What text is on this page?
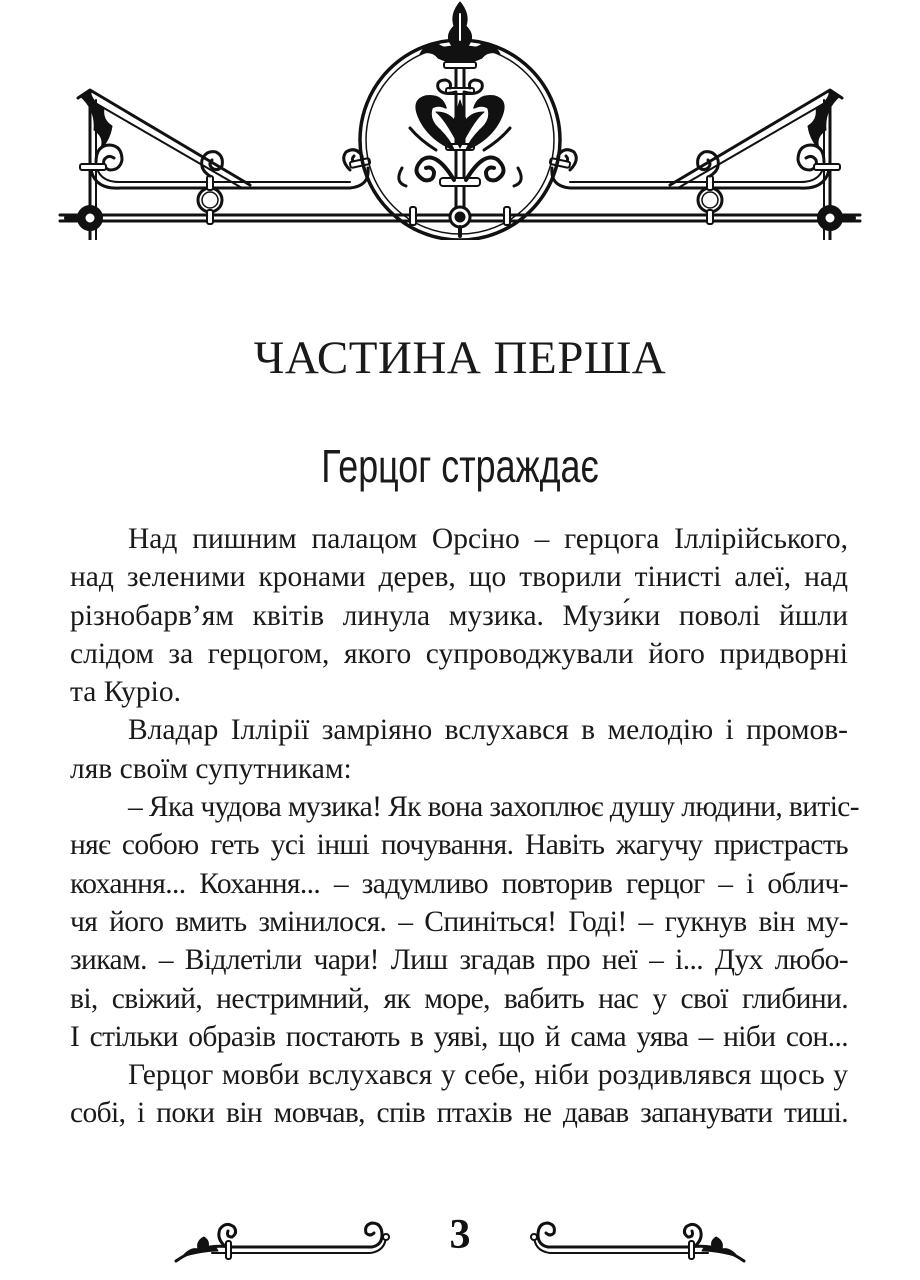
ЧАСТИНА ПЕРША
Герцог страждає
Над пишним палацом Орсіно – герцога Іллірійського,
над зеленими кронами дерев, що творили тінисті алеї, над
різнобарв’ям квітів линула музика. Музи́ки поволі йшли
слідом за герцогом, якого супроводжували його придворні
та Куріо.
Владар Іллірії замріяно вслухався в мелодію і промов-
ляв своїм супутникам:
– Яка чудова музика! Як вона захоплює душу людини, витіс-
няє собою геть усі інші почування. Навіть жагучу пристрасть
кохання... Кохання... – задумливо повторив герцог – і облич-
чя його вмить змінилося. – Спиніться! Годі! – гукнув він му-
зикам. – Відлетіли чари! Лиш згадав про неї – і... Дух любо-
ві, свіжий, нестримний, як море, вабить нас у свої глибини.
І стільки образів постають в уяві, що й сама уява – ніби сон...
Герцог мовби вслухався у себе, ніби роздивлявся щось у
собі, і поки він мовчав, спів птахів не давав запанувати тиші.
3
